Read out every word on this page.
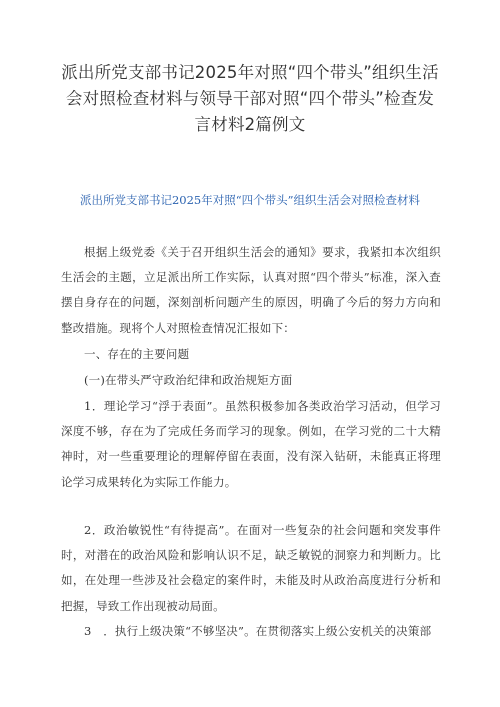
派出所党支部书记2025年对照“四个带头”组织生活会对照检查材料与领导干部对照“四个带头”检查发言材料2篇例文
派出所党支部书记2025年对照“四个带头”组织生活会对照检查材料
根据上级党委《关于召开组织生活会的通知》要求，我紧扣本次组织生活会的主题，立足派出所工作实际，认真对照“四个带头”标准，深入查摆自身存在的问题，深刻剖析问题产生的原因，明确了今后的努力方向和整改措施。现将个人对照检查情况汇报如下：
一、存在的主要问题
(一)在带头严守政治纪律和政治规矩方面
1．理论学习“浮于表面”。虽然积极参加各类政治学习活动，但学习深度不够，存在为了完成任务而学习的现象。例如，在学习党的二十大精神时，对一些重要理论的理解停留在表面，没有深入钻研，未能真正将理论学习成果转化为实际工作能力。
2．政治敏锐性“有待提高”。在面对一些复杂的社会问题和突发事件时，对潜在的政治风险和影响认识不足，缺乏敏锐的洞察力和判断力。比如，在处理一些涉及社会稳定的案件时，未能及时从政治高度进行分析和把握，导致工作出现被动局面。
3　．执行上级决策“不够坚决”。在贯彻落实上级公安机关的决策部
